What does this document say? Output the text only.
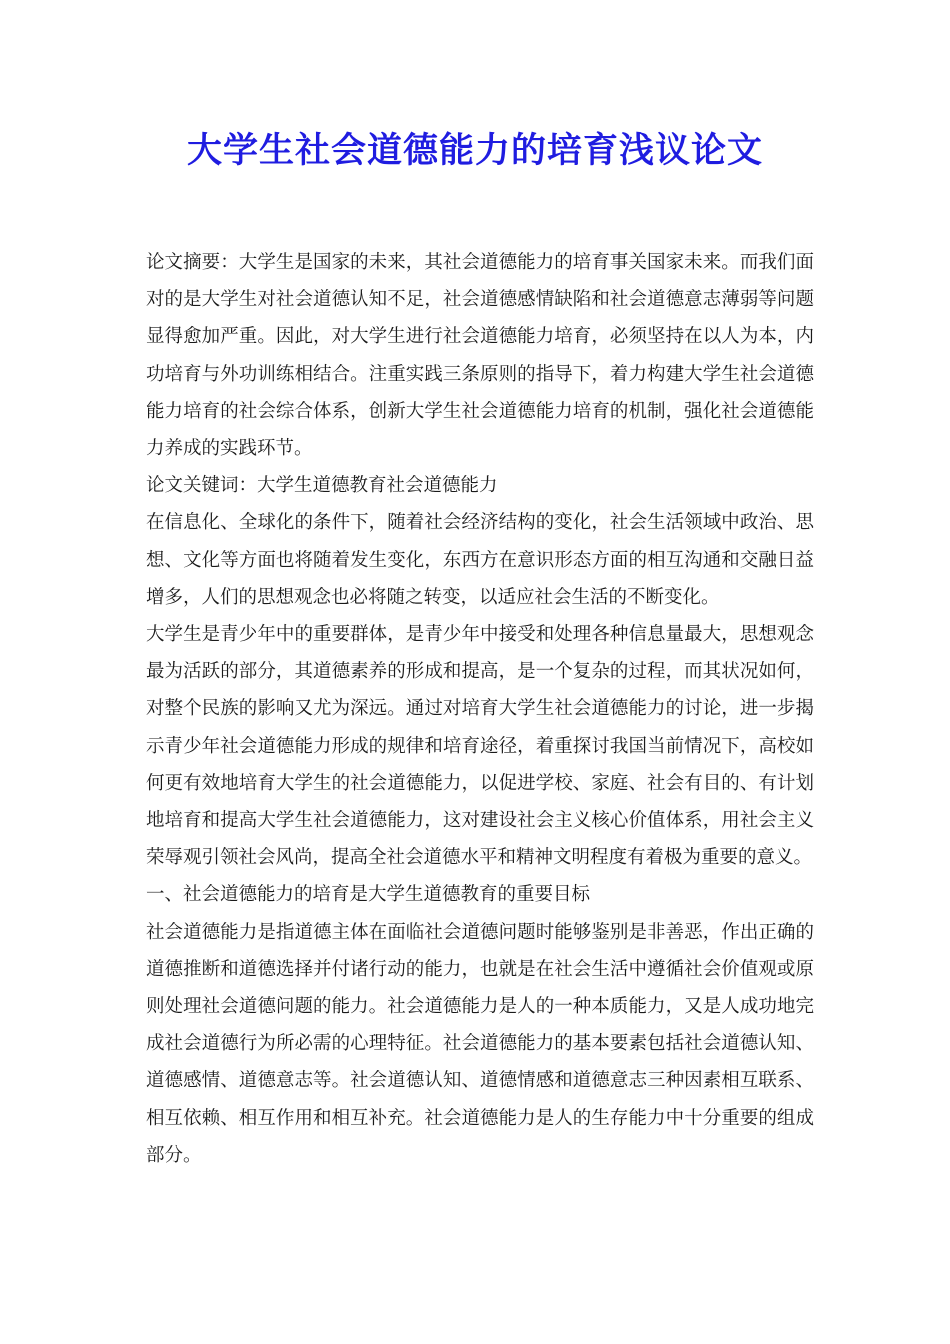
大学生社会道德能力的培育浅议论文

论文摘要：大学生是国家的未来，其社会道德能力的培育事关国家未来。而我们面对的是大学生对社会道德认知不足，社会道德感情缺陷和社会道德意志薄弱等问题显得愈加严重。因此，对大学生进行社会道德能力培育，必须坚持在以人为本，内功培育与外功训练相结合。注重实践三条原则的指导下，着力构建大学生社会道德能力培育的社会综合体系，创新大学生社会道德能力培育的机制，强化社会道德能力养成的实践环节。

论文关键词：大学生道德教育社会道德能力

在信息化、全球化的条件下，随着社会经济结构的变化，社会生活领域中政治、思想、文化等方面也将随着发生变化，东西方在意识形态方面的相互沟通和交融日益增多，人们的思想观念也必将随之转变，以适应社会生活的不断变化。

大学生是青少年中的重要群体，是青少年中接受和处理各种信息量最大，思想观念最为活跃的部分，其道德素养的形成和提高，是一个复杂的过程，而其状况如何，对整个民族的影响又尤为深远。通过对培育大学生社会道德能力的讨论，进一步揭示青少年社会道德能力形成的规律和培育途径，着重探讨我国当前情况下，高校如何更有效地培育大学生的社会道德能力，以促进学校、家庭、社会有目的、有计划地培育和提高大学生社会道德能力，这对建设社会主义核心价值体系，用社会主义荣辱观引领社会风尚，提高全社会道德水平和精神文明程度有着极为重要的意义。

一、社会道德能力的培育是大学生道德教育的重要目标

社会道德能力是指道德主体在面临社会道德问题时能够鉴别是非善恶，作出正确的道德推断和道德选择并付诸行动的能力，也就是在社会生活中遵循社会价值观或原则处理社会道德问题的能力。社会道德能力是人的一种本质能力，又是人成功地完成社会道德行为所必需的心理特征。社会道德能力的基本要素包括社会道德认知、道德感情、道德意志等。社会道德认知、道德情感和道德意志三种因素相互联系、相互依赖、相互作用和相互补充。社会道德能力是人的生存能力中十分重要的组成部分。
